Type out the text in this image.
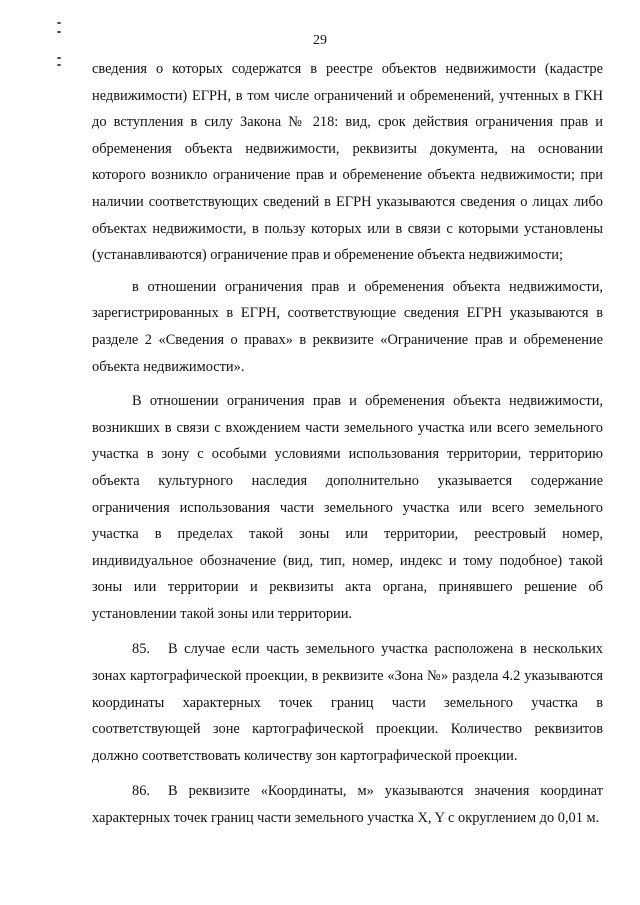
29

сведения о которых содержатся в реестре объектов недвижимости (кадастре недвижимости) ЕГРН, в том числе ограничений и обременений, учтенных в ГКН до вступления в силу Закона № 218: вид, срок действия ограничения прав и обременения объекта недвижимости, реквизиты документа, на основании которого возникло ограничение прав и обременение объекта недвижимости; при наличии соответствующих сведений в ЕГРН указываются сведения о лицах либо объектах недвижимости, в пользу которых или в связи с которыми установлены (устанавливаются) ограничение прав и обременение объекта недвижимости;

в отношении ограничения прав и обременения объекта недвижимости, зарегистрированных в ЕГРН, соответствующие сведения ЕГРН указываются в разделе 2 «Сведения о правах» в реквизите «Ограничение прав и обременение объекта недвижимости».

В отношении ограничения прав и обременения объекта недвижимости, возникших в связи с вхождением части земельного участка или всего земельного участка в зону с особыми условиями использования территории, территорию объекта культурного наследия дополнительно указывается содержание ограничения использования части земельного участка или всего земельного участка в пределах такой зоны или территории, реестровый номер, индивидуальное обозначение (вид, тип, номер, индекс и тому подобное) такой зоны или территории и реквизиты акта органа, принявшего решение об установлении такой зоны или территории.

85. В случае если часть земельного участка расположена в нескольких зонах картографической проекции, в реквизите «Зона №» раздела 4.2 указываются координаты характерных точек границ части земельного участка в соответствующей зоне картографической проекции. Количество реквизитов должно соответствовать количеству зон картографической проекции.

86. В реквизите «Координаты, м» указываются значения координат характерных точек границ части земельного участка X, Y с округлением до 0,01 м.
